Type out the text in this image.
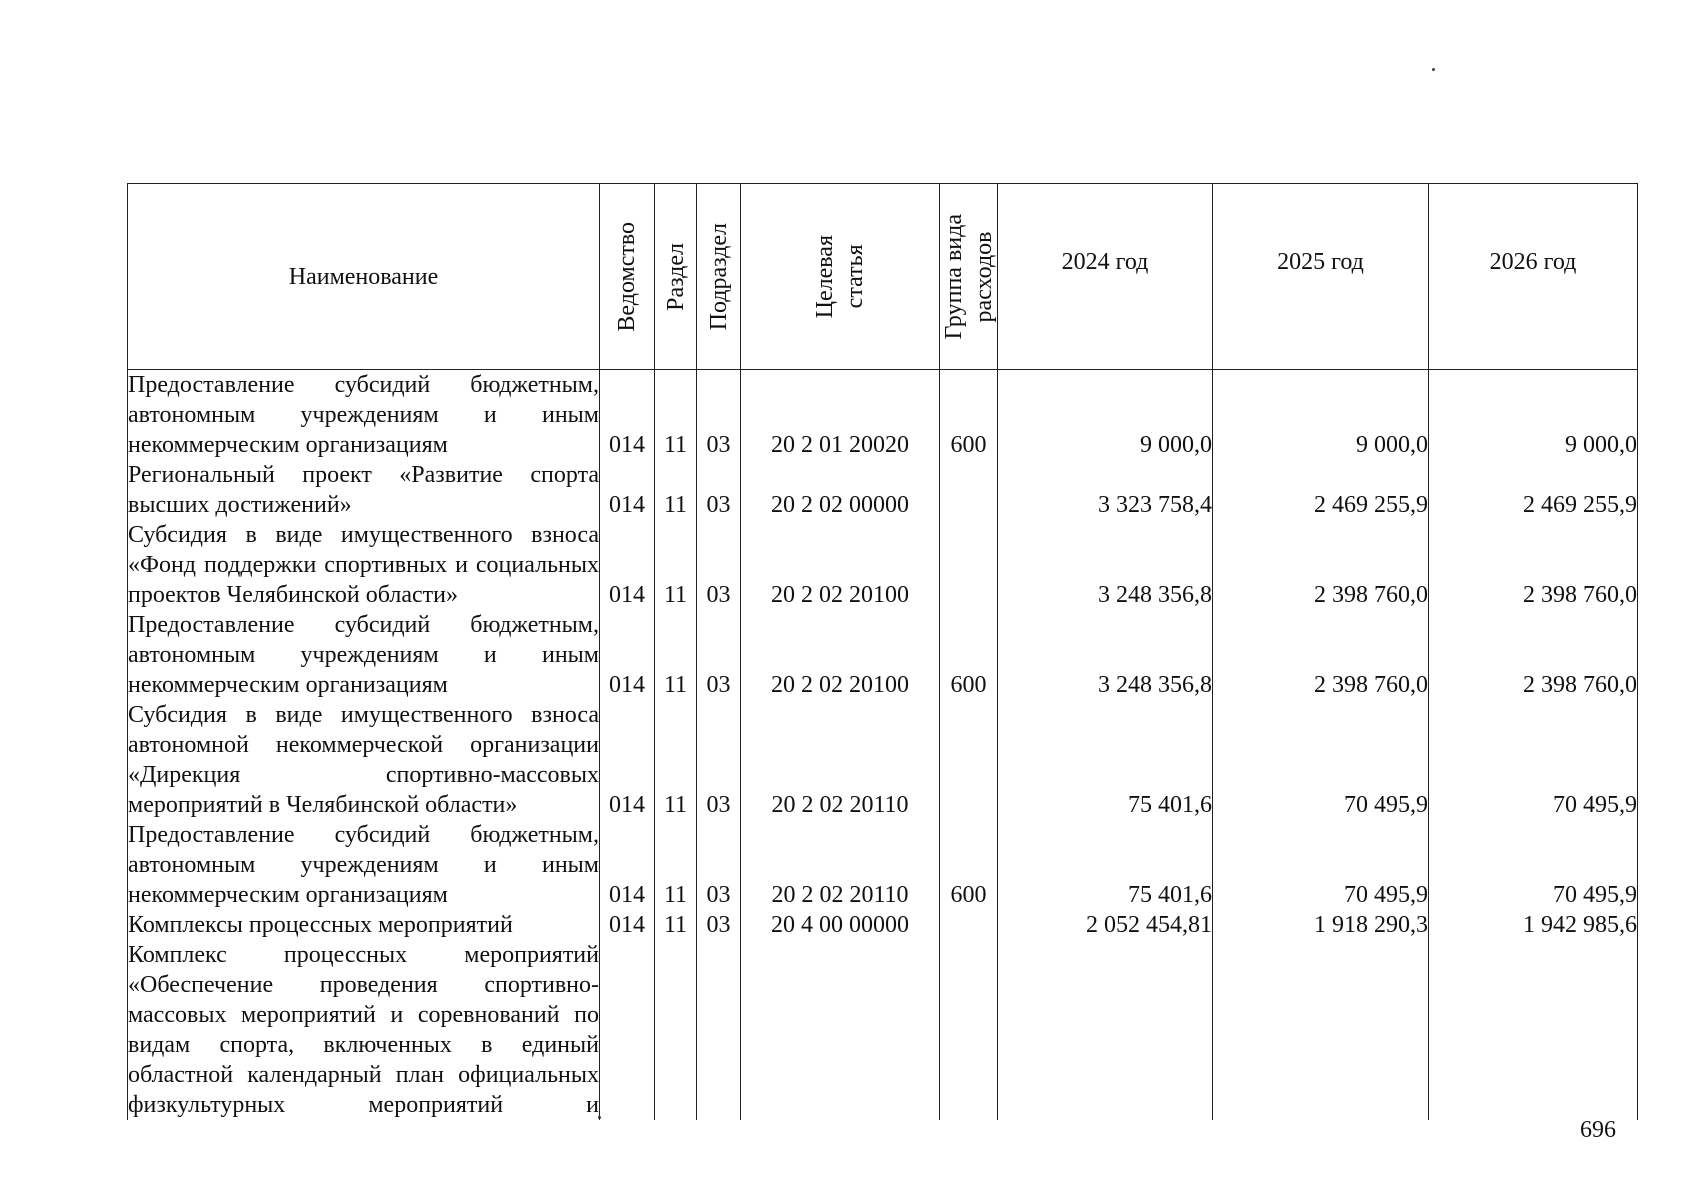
Наименование	Ведомство	Раздел	Подраздел	Целевая статья	Группа вида расходов	2024 год	2025 год	2026 год
Предоставление субсидий бюджетным, автономным учреждениям и иным некоммерческим организациям	014	11	03	20 2 01 20020	600	9 000,0	9 000,0	9 000,0
Региональный проект «Развитие спорта высших достижений»	014	11	03	20 2 02 00000		3 323 758,4	2 469 255,9	2 469 255,9
Субсидия в виде имущественного взноса «Фонд поддержки спортивных и социальных проектов Челябинской области»	014	11	03	20 2 02 20100		3 248 356,8	2 398 760,0	2 398 760,0
Предоставление субсидий бюджетным, автономным учреждениям и иным некоммерческим организациям	014	11	03	20 2 02 20100	600	3 248 356,8	2 398 760,0	2 398 760,0
Субсидия в виде имущественного взноса автономной некоммерческой организации «Дирекция спортивно-массовых мероприятий в Челябинской области»	014	11	03	20 2 02 20110		75 401,6	70 495,9	70 495,9
Предоставление субсидий бюджетным, автономным учреждениям и иным некоммерческим организациям	014	11	03	20 2 02 20110	600	75 401,6	70 495,9	70 495,9
Комплексы процессных мероприятий	014	11	03	20 4 00 00000		2 052 454,81	1 918 290,3	1 942 985,6
Комплекс процессных мероприятий «Обеспечение проведения спортивно-массовых мероприятий и соревнований по видам спорта, включенных в единый областной календарный план официальных физкультурных мероприятий и								
696
